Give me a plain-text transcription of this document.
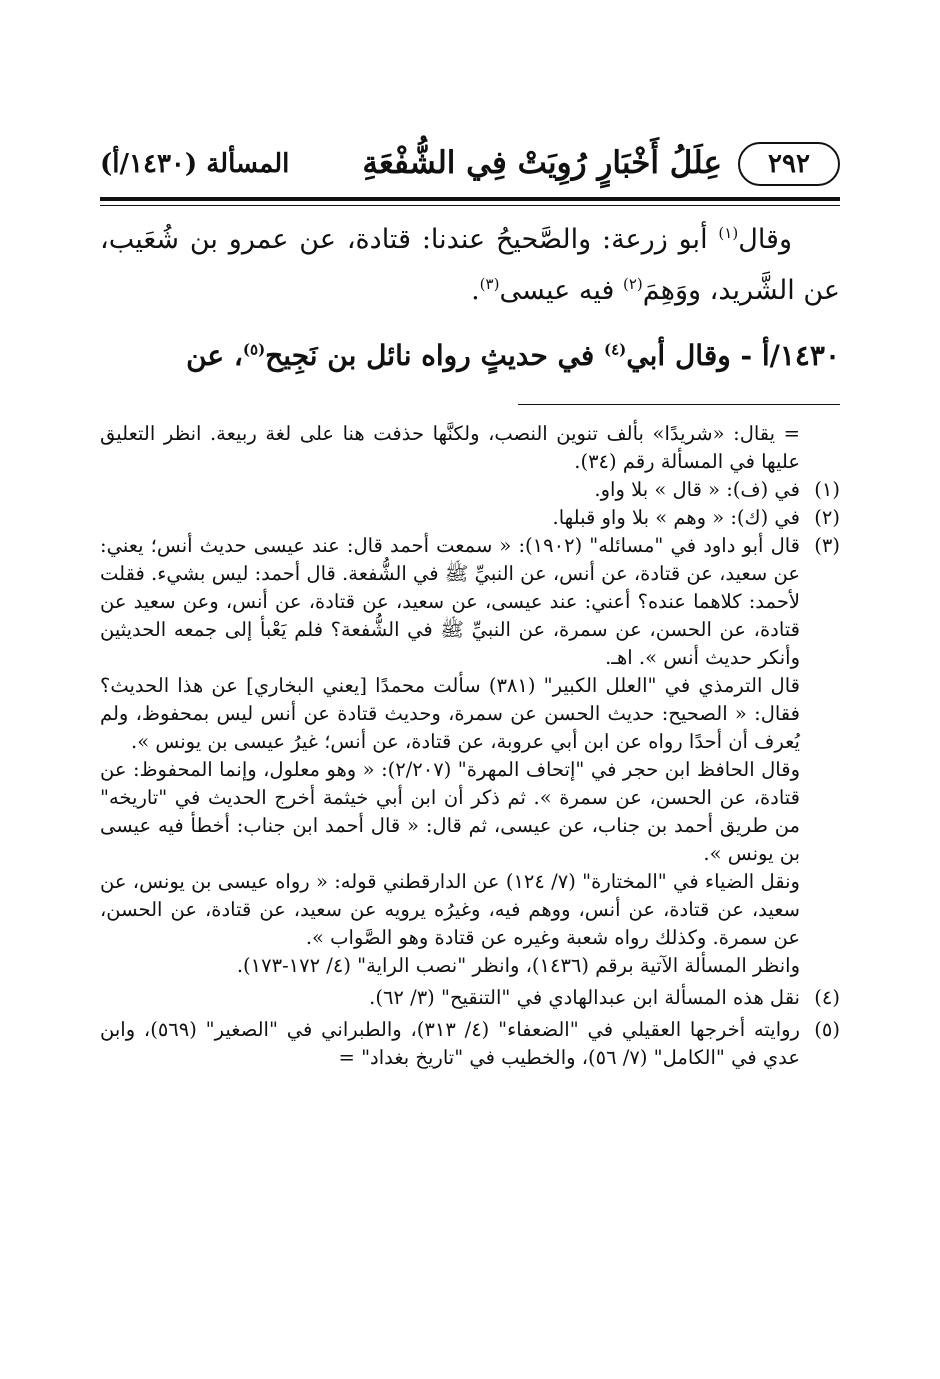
٢٩٢
عِلَلُ أَخْبَارٍ رُوِيَتْ فِي الشُّفْعَةِ
المسألة (١٤٣٠/أ)

وقال$^{(١)}$ أبو زرعة: والصَّحيحُ عندنا: قتادة، عن عمرو بن شُعَيب، عن الشَّريد، ووَهِمَ$^{(٢)}$ فيه عيسى$^{(٣)}$.

١٤٣٠/أ - وقال أبي$^{(٤)}$ في حديثٍ رواه نائل بن نَجِيح$^{(٥)}$، عن

= يقال: «شريدًا» بألف تنوين النصب، ولكنَّها حذفت هنا على لغة ربيعة. انظر التعليق عليها في المسألة رقم (٣٤).

(١)

في (ف): « قال » بلا واو.

(٢)

في (ك): « وهم » بلا واو قبلها.

(٣)

قال أبو داود في "مسائله" (١٩٠٢): « سمعت أحمد قال: عند عيسى حديث أنس؛ يعني: عن سعيد، عن قتادة، عن أنس، عن النبيِّ ﷺ في الشُّفعة. قال أحمد: ليس بشيء. فقلت لأحمد: كلاهما عنده؟ أعني: عند عيسى، عن سعيد، عن قتادة، عن أنس، وعن سعيد عن قتادة، عن الحسن، عن سمرة، عن النبيِّ ﷺ في الشُّفعة؟ فلم يَعْبأ إلى جمعه الحديثين وأنكر حديث أنس ». اهـ.

قال الترمذي في "العلل الكبير" (٣٨١) سألت محمدًا [يعني البخاري] عن هذا الحديث؟ فقال: « الصحيح: حديث الحسن عن سمرة، وحديث قتادة عن أنس ليس بمحفوظ، ولم يُعرف أن أحدًا رواه عن ابن أبي عروبة، عن قتادة، عن أنس؛ غيرُ عيسى بن يونس ».

وقال الحافظ ابن حجر في "إتحاف المهرة" (٢/٢٠٧): « وهو معلول، وإنما المحفوظ: عن قتادة، عن الحسن، عن سمرة ». ثم ذكر أن ابن أبي خيثمة أخرج الحديث في "تاريخه" من طريق أحمد بن جناب، عن عيسى، ثم قال: « قال أحمد ابن جناب: أخطأ فيه عيسى بن يونس ».

ونقل الضياء في "المختارة" (٧/ ١٢٤) عن الدارقطني قوله: « رواه عيسى بن يونس، عن سعيد، عن قتادة، عن أنس، ووهم فيه، وغيرُه يرويه عن سعيد، عن قتادة، عن الحسن، عن سمرة. وكذلك رواه شعبة وغيره عن قتادة وهو الصَّواب ».

وانظر المسألة الآتية برقم (١٤٣٦)، وانظر "نصب الراية" (٤/ ١٧٢-١٧٣).

(٤)

نقل هذه المسألة ابن عبدالهادي في "التنقيح" (٣/ ٦٢).

(٥)

روايته أخرجها العقيلي في "الضعفاء" (٤/ ٣١٣)، والطبراني في "الصغير" (٥٦٩)، وابن عدي في "الكامل" (٧/ ٥٦)، والخطيب في "تاريخ بغداد" =
